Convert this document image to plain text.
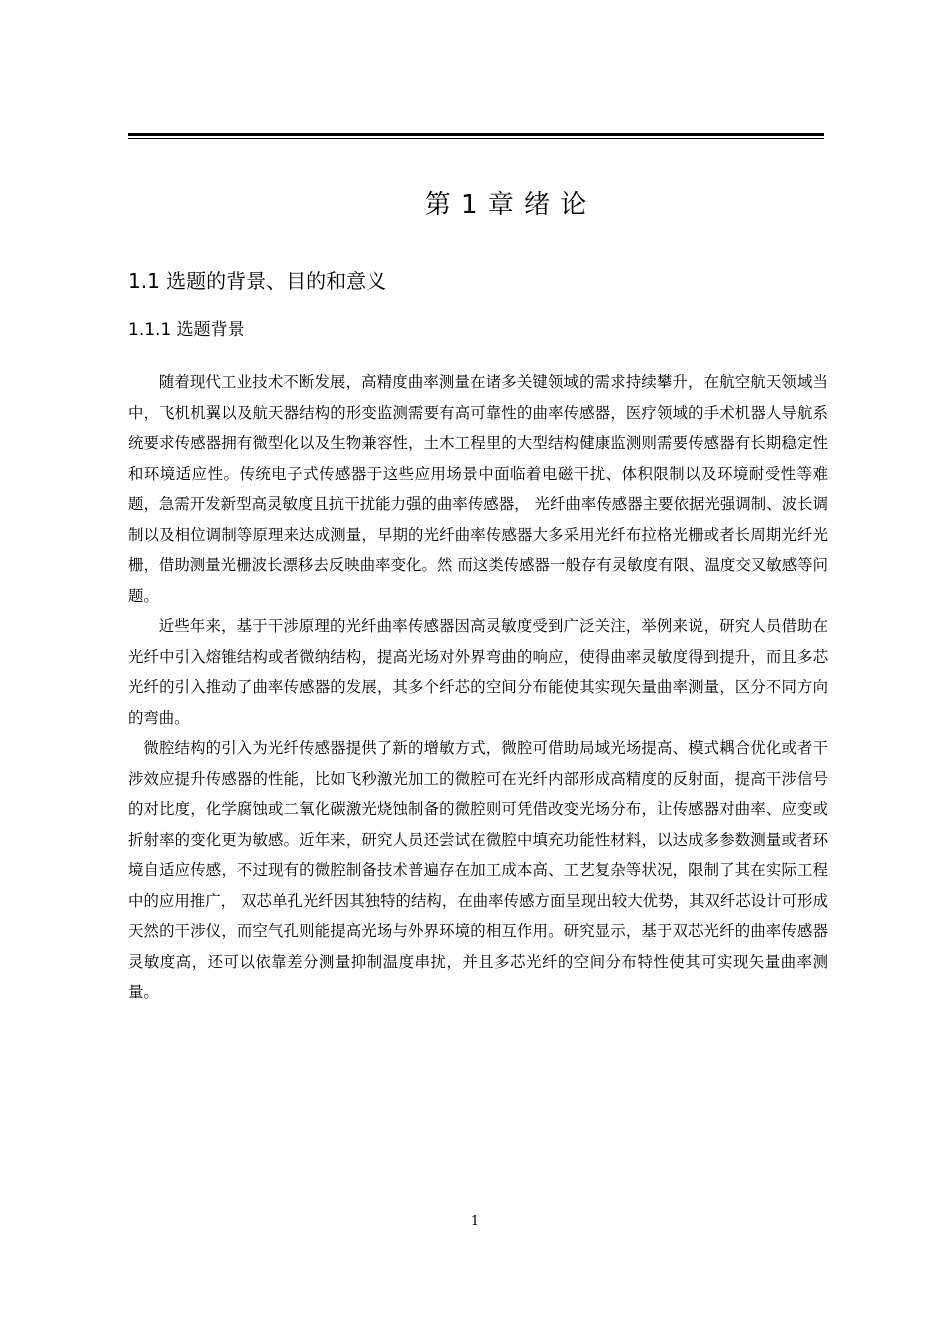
第 1 章 绪 论
1.1 选题的背景、目的和意义
1.1.1 选题背景

随着现代工业技术不断发展，高精度曲率测量在诸多关键领域的需求持续攀升，在航空航天领域当中，飞机机翼以及航天器结构的形变监测需要有高可靠性的曲率传感器，医疗领域的手术机器人导航系统要求传感器拥有微型化以及生物兼容性，土木工程里的大型结构健康监测则需要传感器有长期稳定性和环境适应性。传统电子式传感器于这些应用场景中面临着电磁干扰、体积限制以及环境耐受性等难题，急需开发新型高灵敏度且抗干扰能力强的曲率传感器， 光纤曲率传感器主要依据光强调制、波长调制以及相位调制等原理来达成测量，早期的光纤曲率传感器大多采用光纤布拉格光栅或者长周期光纤光栅，借助测量光栅波长漂移去反映曲率变化。然 而这类传感器一般存有灵敏度有限、温度交叉敏感等问题。

近些年来，基于干涉原理的光纤曲率传感器因高灵敏度受到广泛关注，举例来说，研究人员借助在光纤中引入熔锥结构或者微纳结构，提高光场对外界弯曲的响应，使得曲率灵敏度得到提升，而且多芯光纤的引入推动了曲率传感器的发展，其多个纤芯的空间分布能使其实现矢量曲率测量，区分不同方向的弯曲。

微腔结构的引入为光纤传感器提供了新的增敏方式，微腔可借助局域光场提高、模式耦合优化或者干涉效应提升传感器的性能，比如飞秒激光加工的微腔可在光纤内部形成高精度的反射面，提高干涉信号的对比度，化学腐蚀或二氧化碳激光烧蚀制备的微腔则可凭借改变光场分布，让传感器对曲率、应变或折射率的变化更为敏感。近年来，研究人员还尝试在微腔中填充功能性材料，以达成多参数测量或者环境自适应传感，不过现有的微腔制备技术普遍存在加工成本高、工艺复杂等状况，限制了其在实际工程中的应用推广， 双芯单孔光纤因其独特的结构，在曲率传感方面呈现出较大优势，其双纤芯设计可形成天然的干涉仪，而空气孔则能提高光场与外界环境的相互作用。研究显示，基于双芯光纤的曲率传感器灵敏度高，还可以依靠差分测量抑制温度串扰，并且多芯光纤的空间分布特性使其可实现矢量曲率测量。

1
